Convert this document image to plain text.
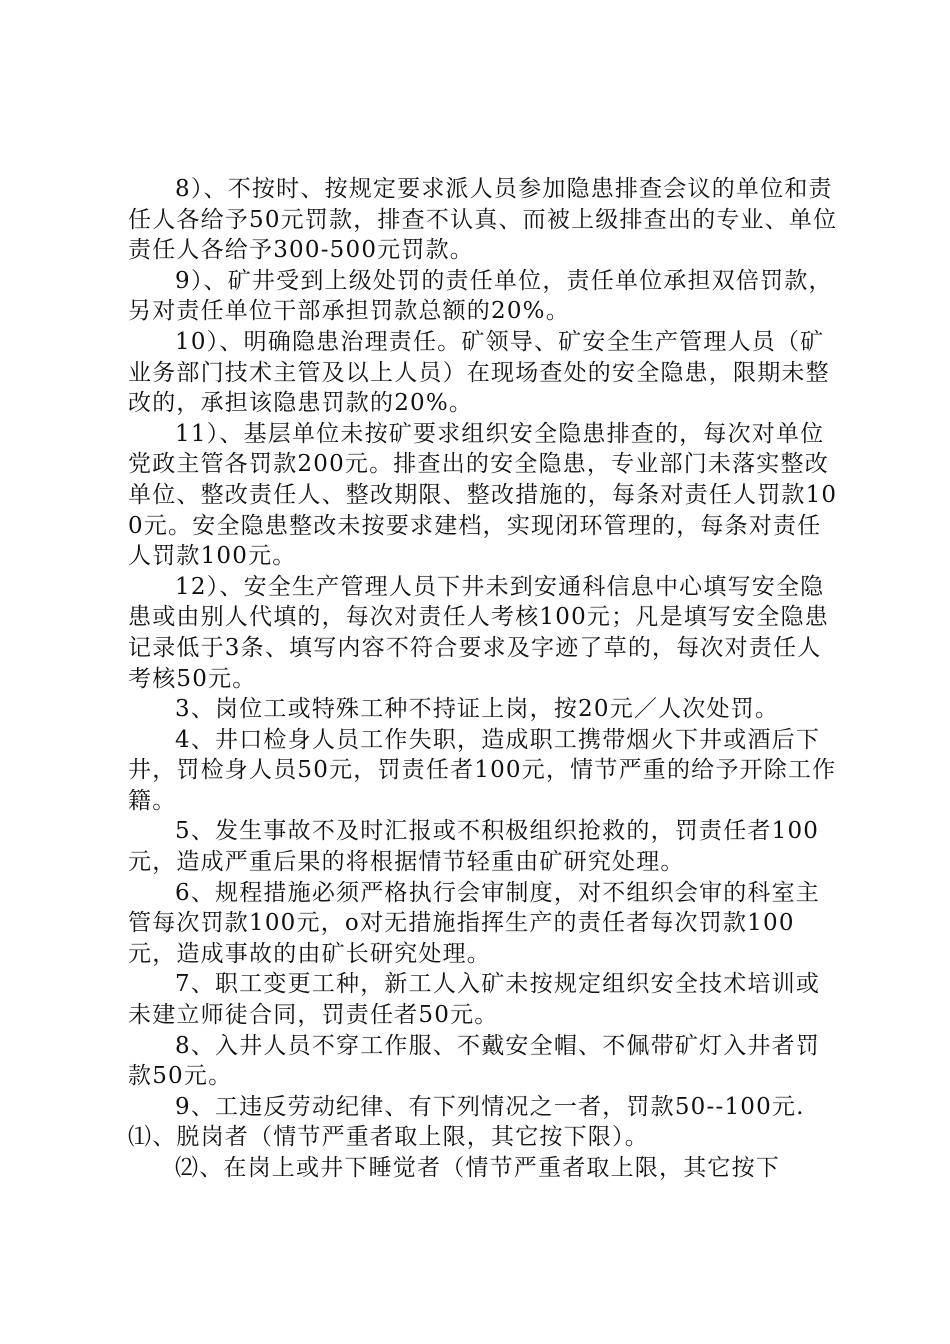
8）、不按时、按规定要求派人员参加隐患排查会议的单位和责任人各给予50元罚款，排查不认真、而被上级排查出的专业、单位责任人各给予300-500元罚款。

9）、矿井受到上级处罚的责任单位，责任单位承担双倍罚款，另对责任单位干部承担罚款总额的20%。

10）、明确隐患治理责任。矿领导、矿安全生产管理人员（矿业务部门技术主管及以上人员）在现场查处的安全隐患，限期未整改的，承担该隐患罚款的20%。

11）、基层单位未按矿要求组织安全隐患排查的，每次对单位党政主管各罚款200元。排查出的安全隐患，专业部门未落实整改单位、整改责任人、整改期限、整改措施的，每条对责任人罚款100元。安全隐患整改未按要求建档，实现闭环管理的，每条对责任人罚款100元。

12）、安全生产管理人员下井未到安通科信息中心填写安全隐患或由别人代填的，每次对责任人考核100元；凡是填写安全隐患记录低于3条、填写内容不符合要求及字迹了草的，每次对责任人考核50元。

3、岗位工或特殊工种不持证上岗，按20元／人次处罚。

4、井口检身人员工作失职，造成职工携带烟火下井或酒后下井，罚检身人员50元，罚责任者100元，情节严重的给予开除工作籍。

5、发生事故不及时汇报或不积极组织抢救的，罚责任者100元，造成严重后果的将根据情节轻重由矿研究处理。

6、规程措施必须严格执行会审制度，对不组织会审的科室主管每次罚款100元，o对无措施指挥生产的责任者每次罚款100元，造成事故的由矿长研究处理。

7、职工变更工种，新工人入矿未按规定组织安全技术培训或未建立师徒合同，罚责任者50元。

8、入井人员不穿工作服、不戴安全帽、不佩带矿灯入井者罚款50元。

9、工违反劳动纪律、有下列情况之一者，罚款50--100元.

⑴、脱岗者（情节严重者取上限，其它按下限）。

⑵、在岗上或井下睡觉者（情节严重者取上限，其它按下
